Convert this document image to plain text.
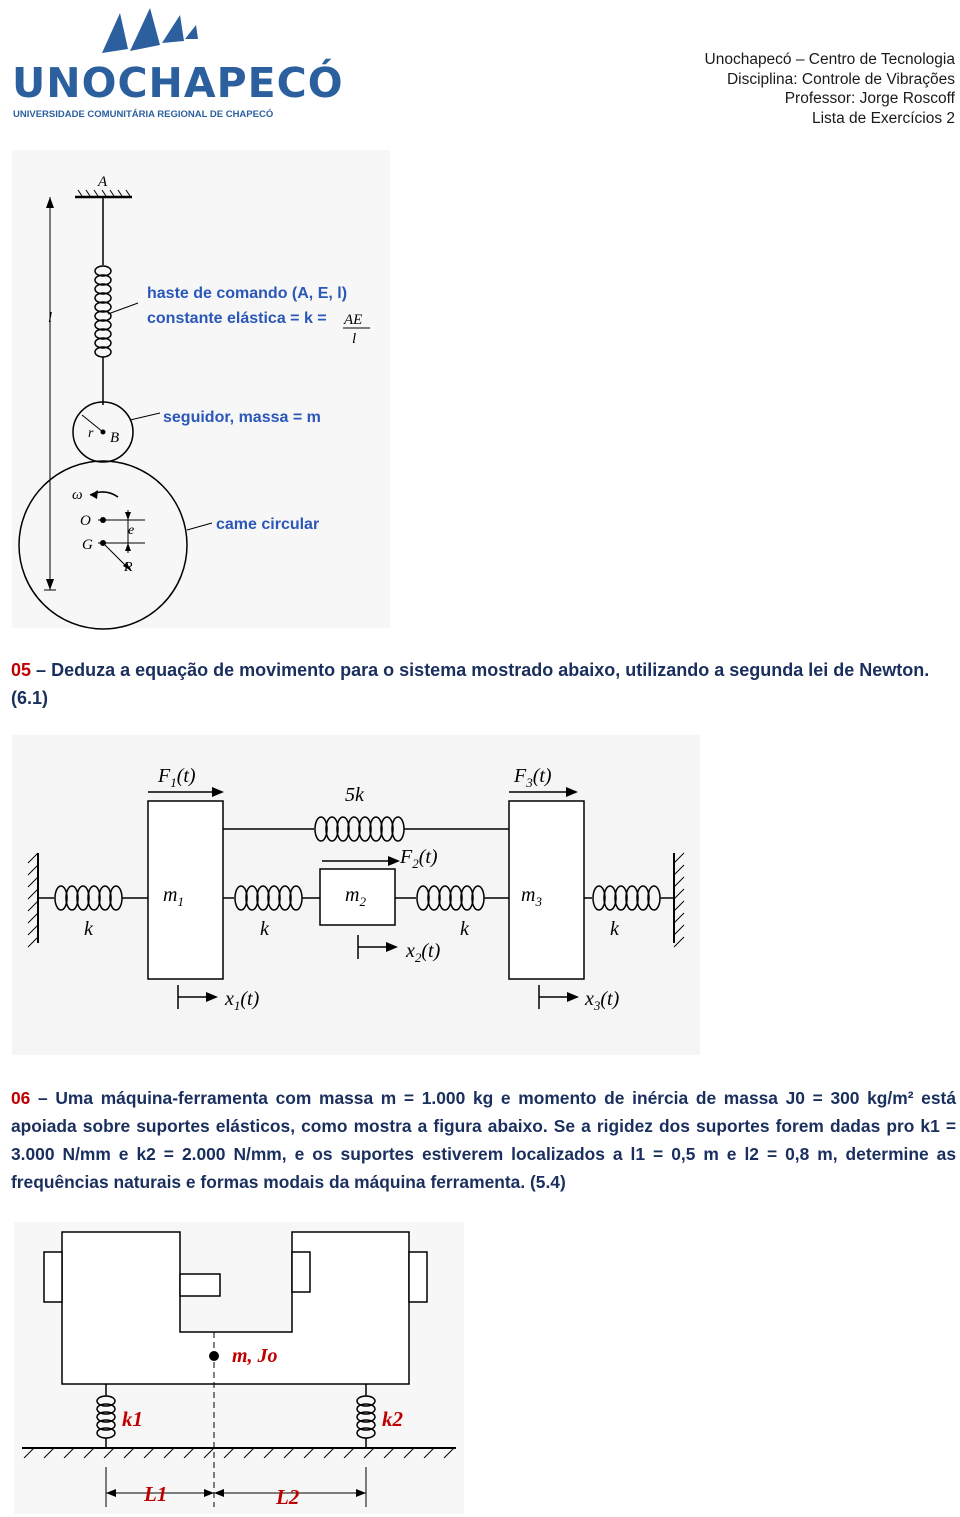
UNOCHAPECÓ
UNIVERSIDADE COMUNITÁRIA REGIONAL DE CHAPECÓ
Unochapecó – Centro de Tecnologia
Disciplina: Controle de Vibrações
Professor: Jorge Roscoff
Lista de Exercícios 2
A
l
r B
ω
O
e
G
R
haste de comando (A, E, l)
constante elástica = k = AE
l
seguidor, massa = m
came circular
05 – Deduza a equação de movimento para o sistema mostrado abaixo, utilizando a segunda lei de Newton. (6.1)
$F_1(t)$	$F_3(t)$
5k
$F_2(t)$
$m_1$	$m_2$	$m_3$
k	k	k	k
$x_2(t)$
$x_1(t)$	$x_3(t)$
06 – Uma máquina-ferramenta com massa m = 1.000 kg e momento de inércia de massa J0 = 300 kg/m² está apoiada sobre suportes elásticos, como mostra a figura abaixo. Se a rigidez dos suportes forem dadas pro k1 = 3.000 N/mm e k2 = 2.000 N/mm, e os suportes estiverem localizados a l1 = 0,5 m e l2 = 0,8 m, determine as frequências naturais e formas modais da máquina ferramenta. (5.4)
m, Jo
k1	k2
L1	L2
